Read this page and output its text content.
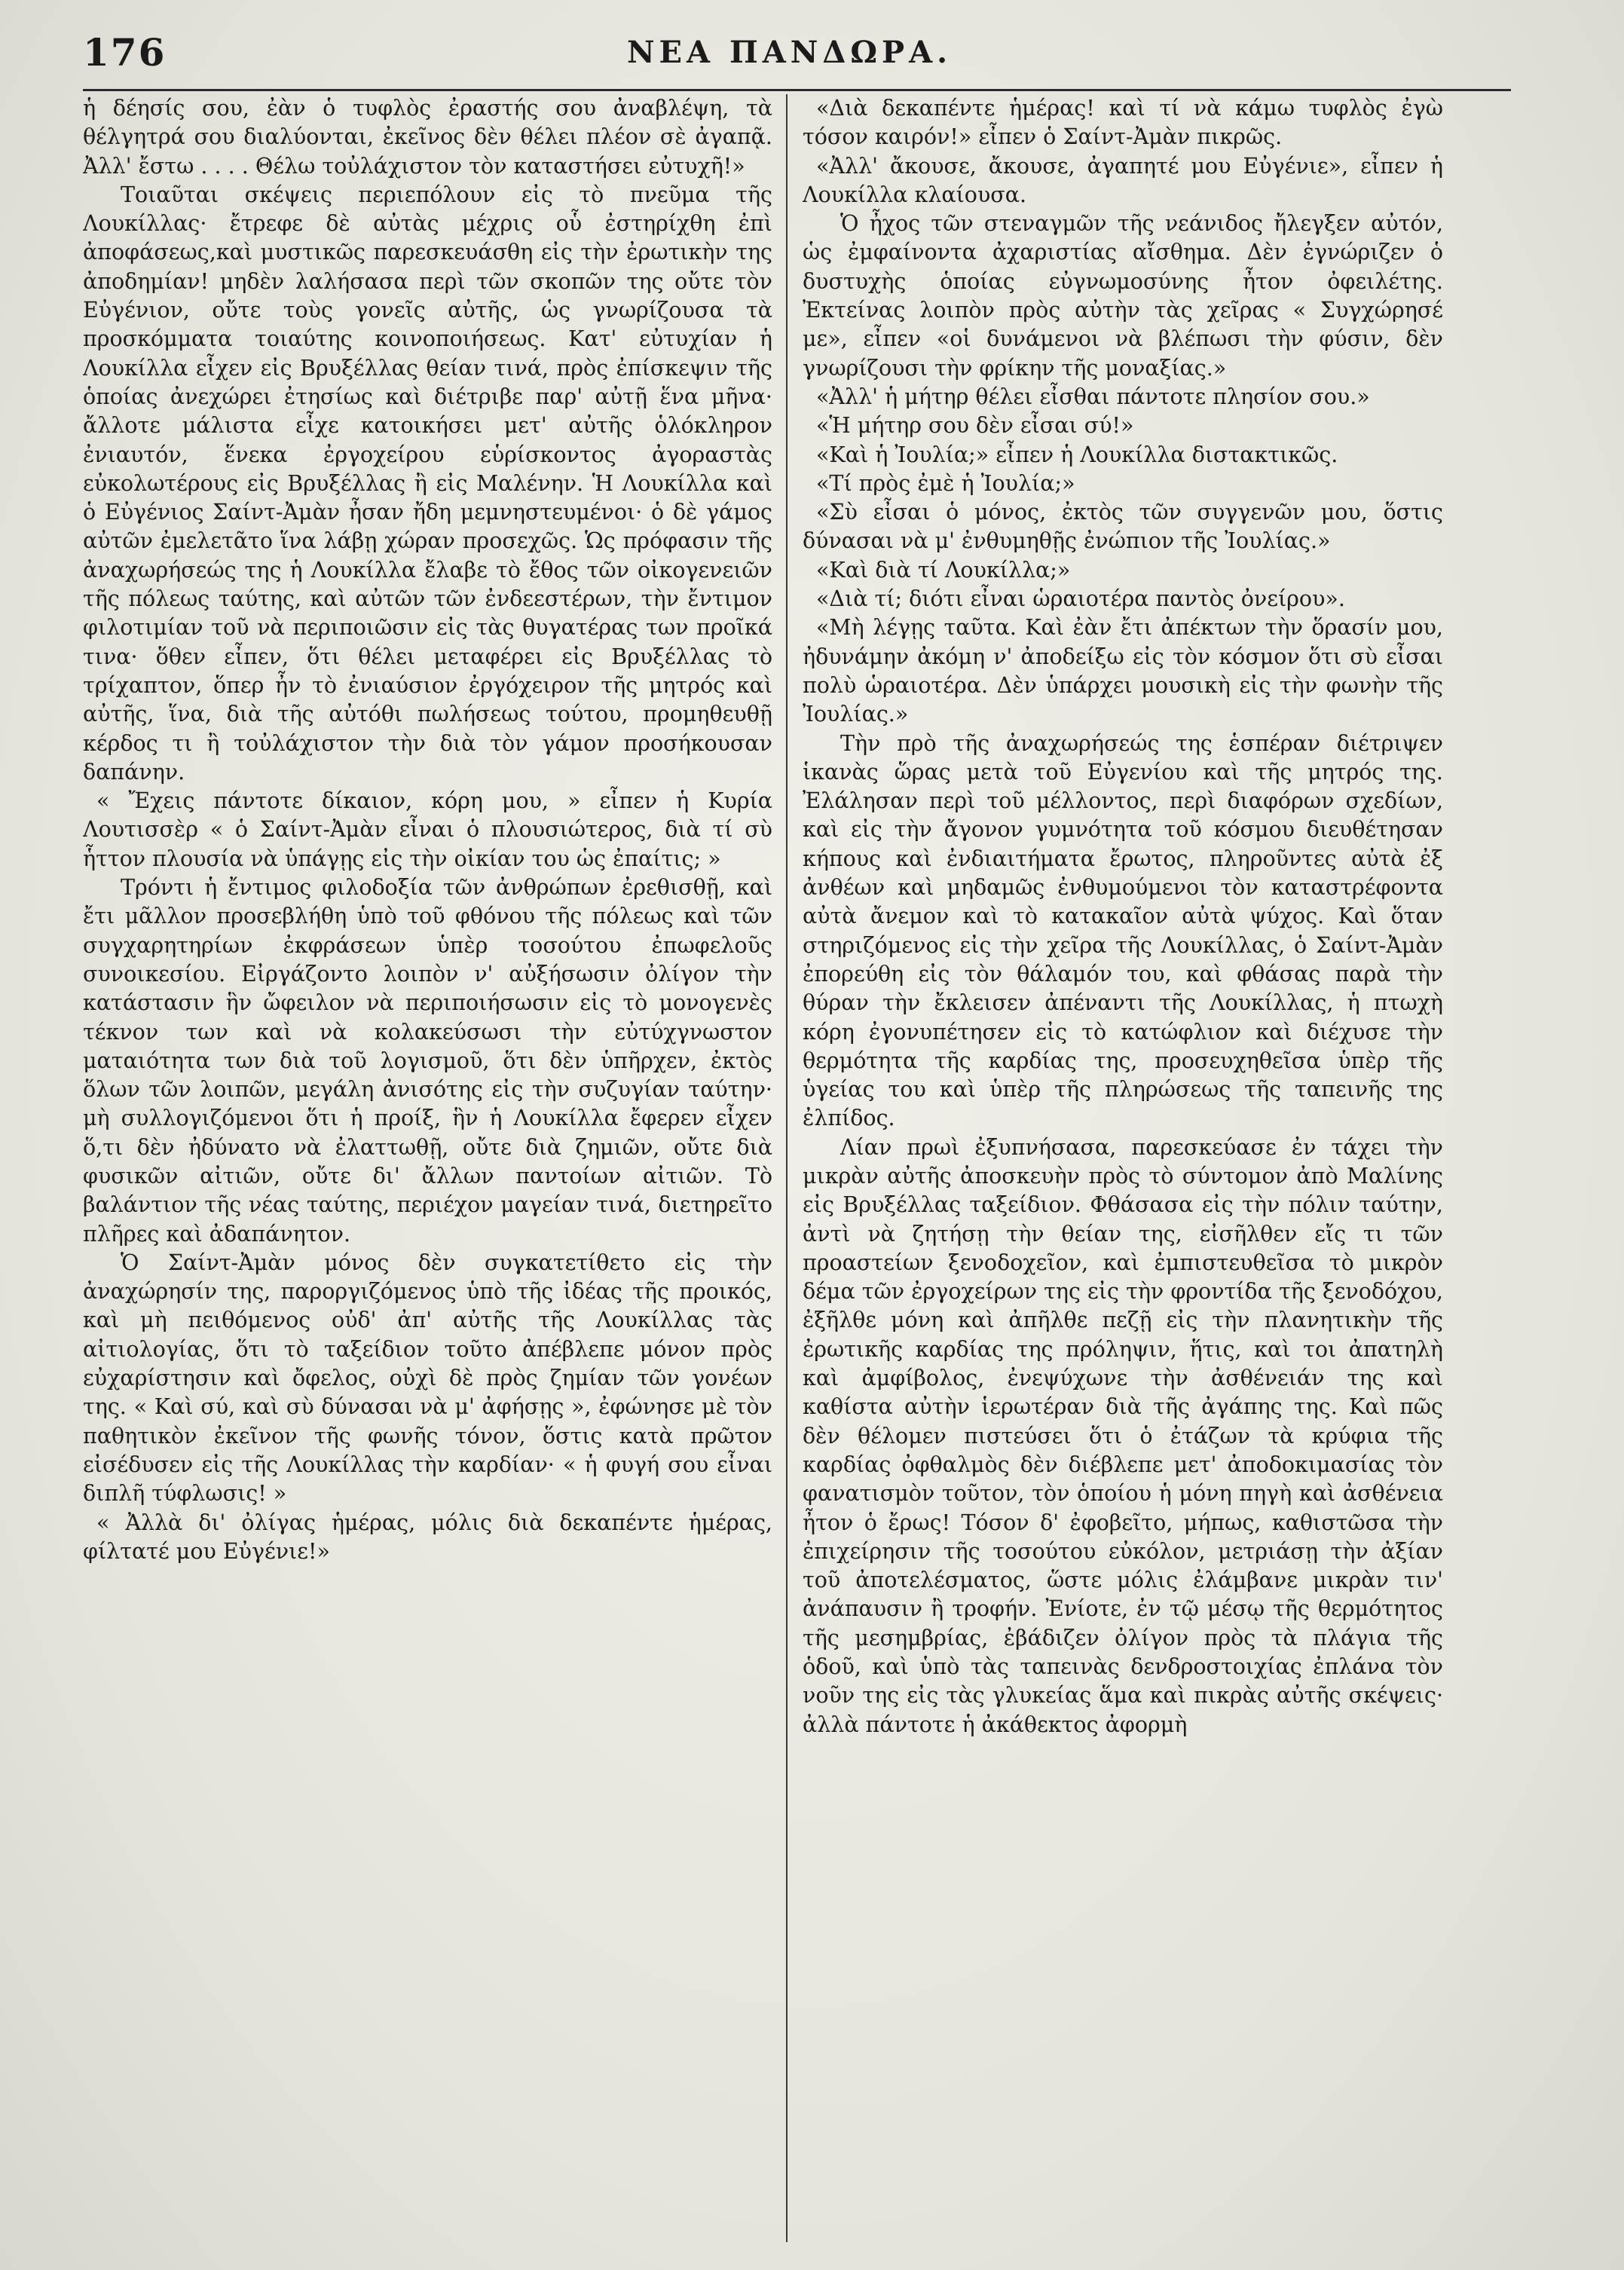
176	ΝΕΑ ΠΑΝΔΩΡΑ.

ἡ δέησίς σου, ἐὰν ὁ τυφλὸς ἐραστής σου ἀναβλέψη, τὰ θέλγητρά σου διαλύονται, ἐκεῖνος δὲν θέλει πλέον σὲ ἀγαπᾷ. Ἀλλ' ἔστω . . . . Θέλω τοὐλάχιστον τὸν καταστήσει εὐτυχῆ!»

Τοιαῦται σκέψεις περιεπόλουν εἰς τὸ πνεῦμα τῆς Λουκίλλας· ἔτρεφε δὲ αὐτὰς μέχρις οὗ ἐστηρίχθη ἐπὶ ἀποφάσεως,καὶ μυστικῶς παρεσκευάσθη εἰς τὴν ἐρωτικὴν της ἀποδημίαν! μηδὲν λαλήσασα περὶ τῶν σκοπῶν της οὔτε τὸν Εὐγένιον, οὔτε τοὺς γονεῖς αὐτῆς, ὡς γνωρίζουσα τὰ προσκόμματα τοιαύτης κοινοποιήσεως. Κατ' εὐτυχίαν ἡ Λουκίλλα εἶχεν εἰς Βρυξέλλας θείαν τινά, πρὸς ἐπίσκεψιν τῆς ὁποίας ἀνεχώρει ἐτησίως καὶ διέτριβε παρ' αὐτῇ ἕνα μῆνα· ἄλλοτε μάλιστα εἶχε κατοικήσει μετ' αὐτῆς ὁλόκληρον ἐνιαυτόν, ἕνεκα ἐργοχείρου εὑρίσκοντος ἀγοραστὰς εὐκολωτέρους εἰς Βρυξέλλας ἢ εἰς Μαλένην. Ἡ Λουκίλλα καὶ ὁ Εὐγένιος Σαίντ-Ἀμὰν ἦσαν ἤδη μεμνηστευμένοι· ὁ δὲ γάμος αὐτῶν ἐμελετᾶτο ἵνα λάβῃ χώραν προσεχῶς. Ὡς πρόφασιν τῆς ἀναχωρήσεώς της ἡ Λουκίλλα ἔλαβε τὸ ἔθος τῶν οἰκογενειῶν τῆς πόλεως ταύτης, καὶ αὐτῶν τῶν ἐνδεεστέρων, τὴν ἔντιμον φιλοτιμίαν τοῦ νὰ περιποιῶσιν εἰς τὰς θυγατέρας των προῖκά τινα· ὅθεν εἶπεν, ὅτι θέλει μεταφέρει εἰς Βρυξέλλας τὸ τρίχαπτον, ὅπερ ἦν τὸ ἐνιαύσιον ἐργόχειρον τῆς μητρός καὶ αὐτῆς, ἵνα, διὰ τῆς αὐτόθι πωλήσεως τούτου, προμηθευθῇ κέρδος τι ἢ τοὐλάχιστον τὴν διὰ τὸν γάμον προσήκουσαν δαπάνην.

« Ἔχεις πάντοτε δίκαιον, κόρη μου, » εἶπεν ἡ Κυρία Λουτισσὲρ « ὁ Σαίντ-Ἀμὰν εἶναι ὁ πλουσιώτερος, διὰ τί σὺ ἧττον πλουσία νὰ ὑπάγῃς εἰς τὴν οἰκίαν του ὡς ἐπαίτις; »

Τρόντι ἡ ἔντιμος φιλοδοξία τῶν ἀνθρώπων ἐρεθισθῇ, καὶ ἔτι μᾶλλον προσεβλήθη ὑπὸ τοῦ φθόνου τῆς πόλεως καὶ τῶν συγχαρητηρίων ἐκφράσεων ὑπὲρ τοσούτου ἐπωφελοῦς συνοικεσίου. Εἰργάζοντο λοιπὸν ν' αὐξήσωσιν ὀλίγον τὴν κατάστασιν ἣν ὤφειλον νὰ περιποιήσωσιν εἰς τὸ μονογενὲς τέκνον των καὶ νὰ κολακεύσωσι τὴν εὐτύχγνωστον ματαιότητα των διὰ τοῦ λογισμοῦ, ὅτι δὲν ὑπῆρχεν, ἐκτὸς ὅλων τῶν λοιπῶν, μεγάλη ἀνισότης εἰς τὴν συζυγίαν ταύτην· μὴ συλλογιζόμενοι ὅτι ἡ προίξ, ἣν ἡ Λουκίλλα ἔφερεν εἶχεν ὅ,τι δὲν ἠδύνατο νὰ ἐλαττωθῇ, οὔτε διὰ ζημιῶν, οὔτε διὰ φυσικῶν αἰτιῶν, οὔτε δι' ἄλλων παντοίων αἰτιῶν. Τὸ βαλάντιον τῆς νέας ταύτης, περιέχον μαγείαν τινά, διετηρεῖτο πλῆρες καὶ ἀδαπάνητον.

Ὁ Σαίντ-Ἀμὰν μόνος δὲν συγκατετίθετο εἰς τὴν ἀναχώρησίν της, παροργιζόμενος ὑπὸ τῆς ἰδέας τῆς προικός, καὶ μὴ πειθόμενος οὐδ' ἀπ' αὐτῆς τῆς Λουκίλλας τὰς αἰτιολογίας, ὅτι τὸ ταξείδιον τοῦτο ἀπέβλεπε μόνον πρὸς εὐχαρίστησιν καὶ ὄφελος, οὐχὶ δὲ πρὸς ζημίαν τῶν γονέων της. « Καὶ σύ, καὶ σὺ δύνασαι νὰ μ' ἀφήσῃς », ἐφώνησε μὲ τὸν παθητικὸν ἐκεῖνον τῆς φωνῆς τόνον, ὅστις κατὰ πρῶτον εἰσέδυσεν εἰς τῆς Λουκίλλας τὴν καρδίαν· « ἡ φυγή σου εἶναι διπλῆ τύφλωσις! »

« Ἀλλὰ δι' ὀλίγας ἡμέρας, μόλις διὰ δεκαπέντε ἡμέρας, φίλτατέ μου Εὐγένιε!»

«Διὰ δεκαπέντε ἡμέρας! καὶ τί νὰ κάμω τυφλὸς ἐγὼ τόσον καιρόν!» εἶπεν ὁ Σαίντ-Ἀμὰν πικρῶς.

«Ἀλλ' ἄκουσε, ἄκουσε, ἀγαπητέ μου Εὐγένιε», εἶπεν ἡ Λουκίλλα κλαίουσα.

Ὁ ἦχος τῶν στεναγμῶν τῆς νεάνιδος ἤλεγξεν αὐτόν, ὡς ἐμφαίνοντα ἀχαριστίας αἴσθημα. Δὲν ἐγνώριζεν ὁ δυστυχὴς ὁποίας εὐγνωμοσύνης ἦτον ὀφειλέτης. Ἐκτείνας λοιπὸν πρὸς αὐτὴν τὰς χεῖρας « Συγχώρησέ με», εἶπεν «οἱ δυνάμενοι νὰ βλέπωσι τὴν φύσιν, δὲν γνωρίζουσι τὴν φρίκην τῆς μοναξίας.»

«Ἀλλ' ἡ μήτηρ θέλει εἶσθαι πάντοτε πλησίον σου.»

«Ἡ μήτηρ σου δὲν εἶσαι σύ!»

«Καὶ ἡ Ἰουλία;» εἶπεν ἡ Λουκίλλα διστακτικῶς.

«Τί πρὸς ἐμὲ ἡ Ἰουλία;»

«Σὺ εἶσαι ὁ μόνος, ἐκτὸς τῶν συγγενῶν μου, ὅστις δύνασαι νὰ μ' ἐνθυμηθῇς ἐνώπιον τῆς Ἰουλίας.»

«Καὶ διὰ τί Λουκίλλα;»

«Διὰ τί; διότι εἶναι ὡραιοτέρα παντὸς ὀνείρου».

«Μὴ λέγῃς ταῦτα. Καὶ ἐὰν ἔτι ἀπέκτων τὴν ὅρασίν μου, ἠδυνάμην ἀκόμη ν' ἀποδείξω εἰς τὸν κόσμον ὅτι σὺ εἶσαι πολὺ ὡραιοτέρα. Δὲν ὑπάρχει μουσικὴ εἰς τὴν φωνὴν τῆς Ἰουλίας.»

Τὴν πρὸ τῆς ἀναχωρήσεώς της ἑσπέραν διέτριψεν ἱκανὰς ὥρας μετὰ τοῦ Εὐγενίου καὶ τῆς μητρός της. Ἐλάλησαν περὶ τοῦ μέλλοντος, περὶ διαφόρων σχεδίων, καὶ εἰς τὴν ἄγονον γυμνότητα τοῦ κόσμου διευθέτησαν κήπους καὶ ἐνδιαιτήματα ἔρωτος, πληροῦντες αὐτὰ ἐξ ἀνθέων καὶ μηδαμῶς ἐνθυμούμενοι τὸν καταστρέφοντα αὐτὰ ἄνεμον καὶ τὸ κατακαῖον αὐτὰ ψύχος. Καὶ ὅταν στηριζόμενος εἰς τὴν χεῖρα τῆς Λουκίλλας, ὁ Σαίντ-Ἀμὰν ἐπορεύθη εἰς τὸν θάλαμόν του, καὶ φθάσας παρὰ τὴν θύραν τὴν ἔκλεισεν ἀπέναντι τῆς Λουκίλλας, ἡ πτωχὴ κόρη ἐγονυπέτησεν εἰς τὸ κατώφλιον καὶ διέχυσε τὴν θερμότητα τῆς καρδίας της, προσευχηθεῖσα ὑπὲρ τῆς ὑγείας του καὶ ὑπὲρ τῆς πληρώσεως τῆς ταπεινῆς της ἐλπίδος.

Λίαν πρωὶ ἐξυπνήσασα, παρεσκεύασε ἐν τάχει τὴν μικρὰν αὐτῆς ἀποσκευὴν πρὸς τὸ σύντομον ἀπὸ Μαλίνης εἰς Βρυξέλλας ταξείδιον. Φθάσασα εἰς τὴν πόλιν ταύτην, ἀντὶ νὰ ζητήσῃ τὴν θείαν της, εἰσῆλθεν εἴς τι τῶν προαστείων ξενοδοχεῖον, καὶ ἐμπιστευθεῖσα τὸ μικρὸν δέμα τῶν ἐργοχείρων της εἰς τὴν φροντίδα τῆς ξενοδόχου, ἐξῆλθε μόνη καὶ ἀπῆλθε πεζῇ εἰς τὴν πλανητικὴν τῆς ἐρωτικῆς καρδίας της πρόληψιν, ἥτις, καὶ τοι ἀπατηλὴ καὶ ἀμφίβολος, ἐνεψύχωνε τὴν ἀσθένειάν της καὶ καθίστα αὐτὴν ἱερωτέραν διὰ τῆς ἀγάπης της. Καὶ πῶς δὲν θέλομεν πιστεύσει ὅτι ὁ ἐτάζων τὰ κρύφια τῆς καρδίας ὀφθαλμὸς δὲν διέβλεπε μετ' ἀποδοκιμασίας τὸν φανατισμὸν τοῦτον, τὸν ὁποίου ἡ μόνη πηγὴ καὶ ἀσθένεια ἦτον ὁ ἔρως! Τόσον δ' ἐφοβεῖτο, μήπως, καθιστῶσα τὴν ἐπιχείρησιν τῆς τοσούτου εὐκόλον, μετριάσῃ τὴν ἀξίαν τοῦ ἀποτελέσματος, ὥστε μόλις ἐλάμβανε μικρὰν τιν' ἀνάπαυσιν ἢ τροφήν. Ἐνίοτε, ἐν τῷ μέσῳ τῆς θερμότητος τῆς μεσημβρίας, ἐβάδιζεν ὀλίγον πρὸς τὰ πλάγια τῆς ὁδοῦ, καὶ ὑπὸ τὰς ταπεινὰς δενδροστοιχίας ἐπλάνα τὸν νοῦν της εἰς τὰς γλυκείας ἅμα καὶ πικρὰς αὐτῆς σκέψεις· ἀλλὰ πάντοτε ἡ ἀκάθεκτος ἀφορμὴ
